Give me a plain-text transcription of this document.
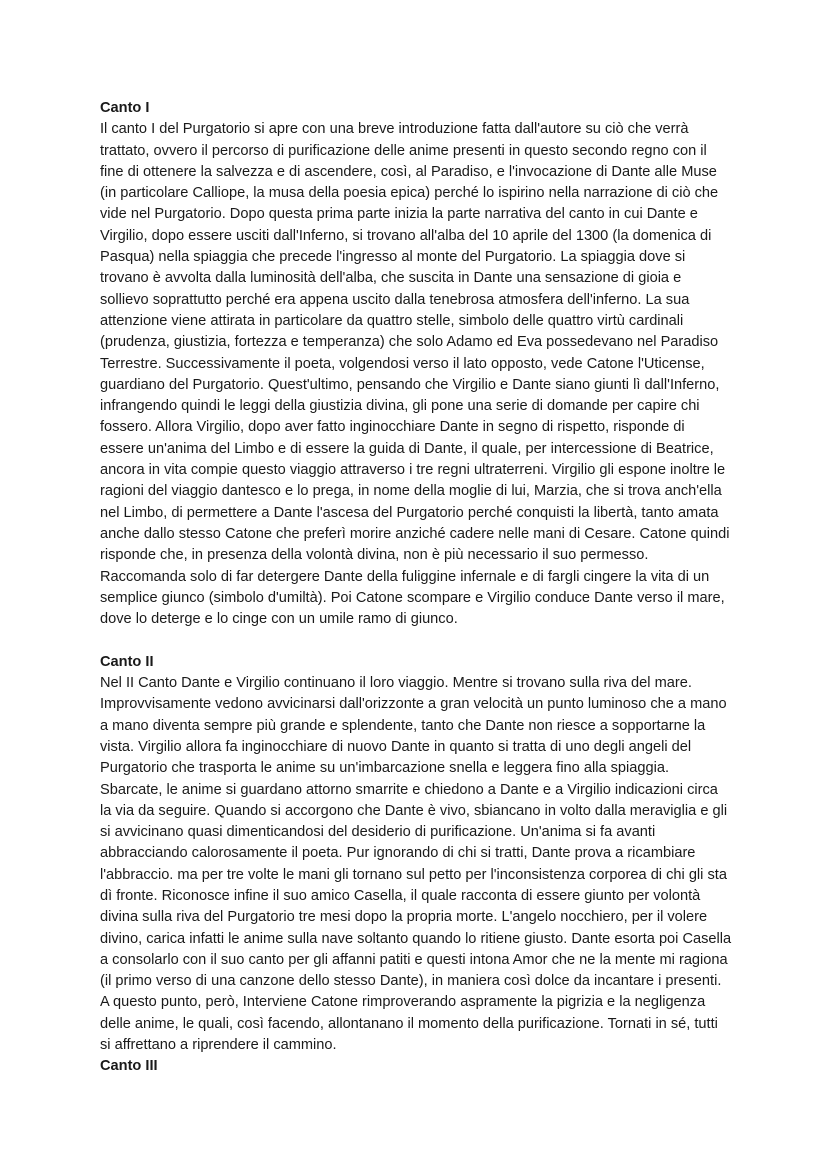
Canto I

Il canto I del Purgatorio si apre con una breve introduzione fatta dall'autore su ciò che verrà trattato, ovvero il percorso di purificazione delle anime presenti in questo secondo regno con il fine di ottenere la salvezza e di ascendere, così, al Paradiso, e l'invocazione di Dante alle Muse (in particolare Calliope, la musa della poesia epica) perché lo ispirino nella narrazione di ciò che vide nel Purgatorio. Dopo questa prima parte inizia la parte narrativa del canto in cui Dante e Virgilio, dopo essere usciti dall'Inferno, si trovano all'alba del 10 aprile del 1300 (la domenica di Pasqua) nella spiaggia che precede l'ingresso al monte del Purgatorio. La spiaggia dove si trovano è avvolta dalla luminosità dell'alba, che suscita in Dante una sensazione di gioia e sollievo soprattutto perché era appena uscito dalla tenebrosa atmosfera dell'inferno. La sua attenzione viene attirata in particolare da quattro stelle, simbolo delle quattro virtù cardinali (prudenza, giustizia, fortezza e temperanza) che solo Adamo ed Eva possedevano nel Paradiso Terrestre. Successivamente il poeta, volgendosi verso il lato opposto, vede Catone l'Uticense, guardiano del Purgatorio. Quest'ultimo, pensando che Virgilio e Dante siano giunti lì dall'Inferno, infrangendo quindi le leggi della giustizia divina, gli pone una serie di domande per capire chi fossero. Allora Virgilio, dopo aver fatto inginocchiare Dante in segno di rispetto, risponde di essere un'anima del Limbo e di essere la guida di Dante, il quale, per intercessione di Beatrice, ancora in vita compie questo viaggio attraverso i tre regni ultraterreni. Virgilio gli espone inoltre le ragioni del viaggio dantesco e lo prega, in nome della moglie di lui, Marzia, che si trova anch'ella nel Limbo, di permettere a Dante l'ascesa del Purgatorio perché conquisti la libertà, tanto amata anche dallo stesso Catone che preferì morire anziché cadere nelle mani di Cesare. Catone quindi risponde che, in presenza della volontà divina, non è più necessario il suo permesso. Raccomanda solo di far detergere Dante della fuliggine infernale e di fargli cingere la vita di un semplice giunco (simbolo d'umiltà). Poi Catone scompare e Virgilio conduce Dante verso il mare, dove lo deterge e lo cinge con un umile ramo di giunco.

Canto II

Nel II Canto Dante e Virgilio continuano il loro viaggio. Mentre si trovano sulla riva del mare. Improvvisamente vedono avvicinarsi dall'orizzonte a gran velocità un punto luminoso che a mano a mano diventa sempre più grande e splendente, tanto che Dante non riesce a sopportarne la vista. Virgilio allora fa inginocchiare di nuovo Dante in quanto si tratta di uno degli angeli del Purgatorio che trasporta le anime su un'imbarcazione snella e leggera fino alla spiaggia. Sbarcate, le anime si guardano attorno smarrite e chiedono a Dante e a Virgilio indicazioni circa la via da seguire. Quando si accorgono che Dante è vivo, sbiancano in volto dalla meraviglia e gli si avvicinano quasi dimenticandosi del desiderio di purificazione. Un'anima si fa avanti abbracciando calorosamente il poeta. Pur ignorando di chi si tratti, Dante prova a ricambiare l'abbraccio. ma per tre volte le mani gli tornano sul petto per l'inconsistenza corporea di chi gli sta dì fronte. Riconosce infine il suo amico Casella, il quale racconta di essere giunto per volontà divina sulla riva del Purgatorio tre mesi dopo la propria morte. L'angelo nocchiero, per il volere divino, carica infatti le anime sulla nave soltanto quando lo ritiene giusto. Dante esorta poi Casella a consolarlo con il suo canto per gli affanni patiti e questi intona Amor che ne la mente mi ragiona (il primo verso di una canzone dello stesso Dante), in maniera così dolce da incantare i presenti.

A questo punto, però, Interviene Catone rimproverando aspramente la pigrizia e la negligenza delle anime, le quali, così facendo, allontanano il momento della purificazione. Tornati in sé, tutti si affrettano a riprendere il cammino.

Canto III
